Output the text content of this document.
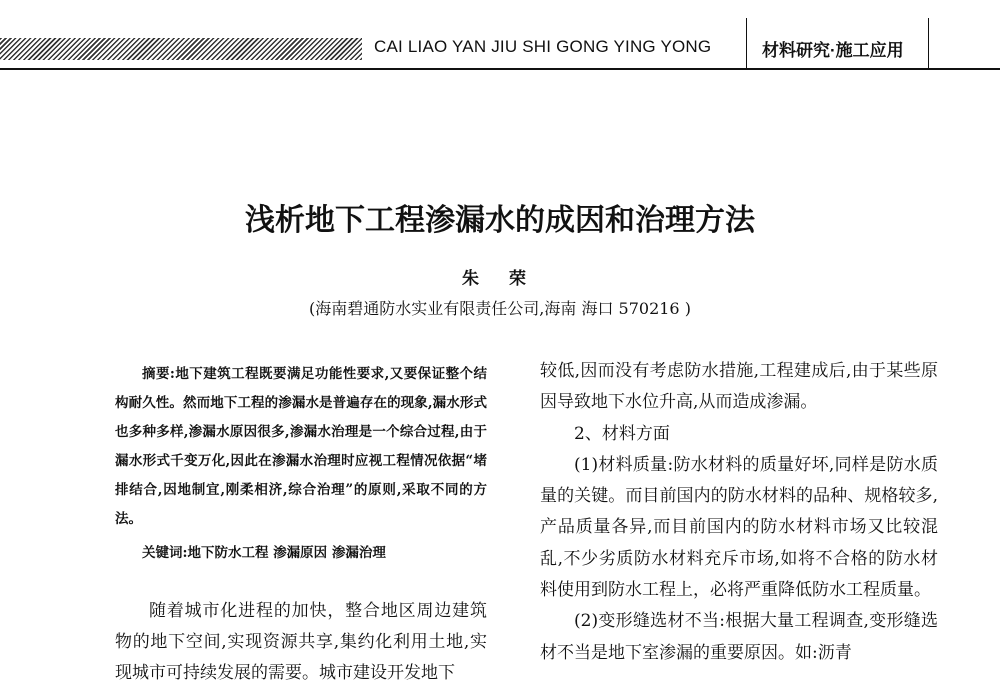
CAI LIAO YAN JIU SHI GONG YING YONG	材料研究·施工应用
浅析地下工程渗漏水的成因和治理方法
朱 荣
(海南碧通防水实业有限责任公司,海南 海口 570216 )

摘要:地下建筑工程既要满足功能性要求,又要保证整个结构耐久性。然而地下工程的渗漏水是普遍存在的现象,漏水形式也多种多样,渗漏水原因很多,渗漏水治理是一个综合过程,由于漏水形式千变万化,因此在渗漏水治理时应视工程情况依据“堵排结合,因地制宜,刚柔相济,综合治理”的原则,采取不同的方法。

关键词:地下防水工程 渗漏原因 渗漏治理
随着城市化进程的加快，整合地区周边建筑物的地下空间,实现资源共享,集约化利用土地,实现城市可持续发展的需要。城市建设开发地下

较低,因而没有考虑防水措施,工程建成后,由于某些原因导致地下水位升高,从而造成渗漏。

2、材料方面

(1)材料质量:防水材料的质量好坏,同样是防水质量的关键。而目前国内的防水材料的品种、规格较多,产品质量各异,而目前国内的防水材料市场又比较混乱,不少劣质防水材料充斥市场,如将不合格的防水材料使用到防水工程上，必将严重降低防水工程质量。

(2)变形缝选材不当:根据大量工程调查,变形缝选材不当是地下室渗漏的重要原因。如:沥青
